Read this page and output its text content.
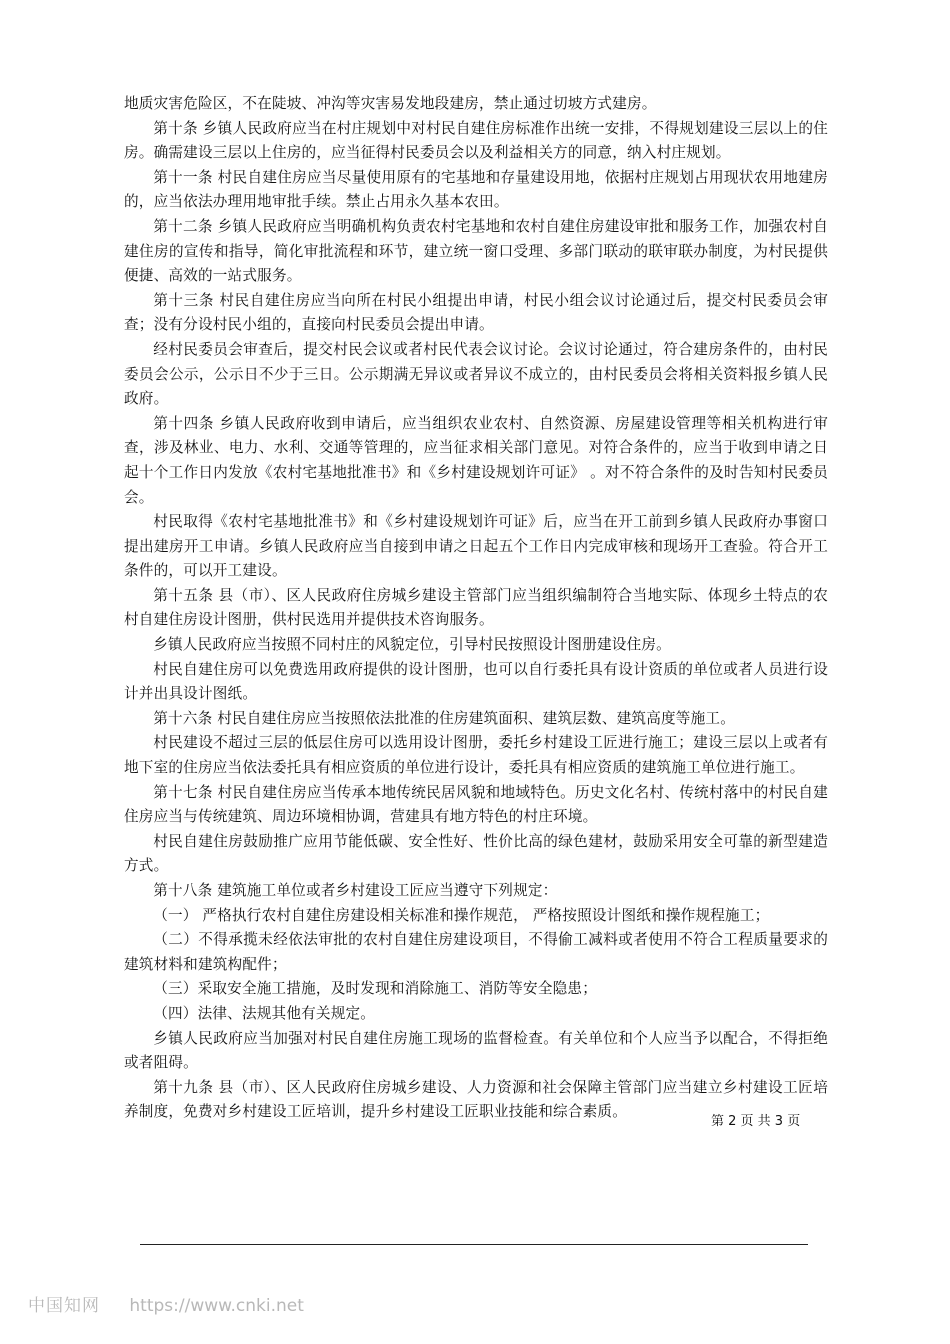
地质灾害危险区，不在陡坡、冲沟等灾害易发地段建房，禁止通过切坡方式建房。

第十条 乡镇人民政府应当在村庄规划中对村民自建住房标准作出统一安排，不得规划建设三层以上的住房。确需建设三层以上住房的，应当征得村民委员会以及利益相关方的同意，纳入村庄规划。

第十一条 村民自建住房应当尽量使用原有的宅基地和存量建设用地，依据村庄规划占用现状农用地建房的，应当依法办理用地审批手续。禁止占用永久基本农田。

第十二条 乡镇人民政府应当明确机构负责农村宅基地和农村自建住房建设审批和服务工作，加强农村自建住房的宣传和指导，简化审批流程和环节，建立统一窗口受理、多部门联动的联审联办制度，为村民提供便捷、高效的一站式服务。

第十三条 村民自建住房应当向所在村民小组提出申请，村民小组会议讨论通过后，提交村民委员会审查；没有分设村民小组的，直接向村民委员会提出申请。

经村民委员会审查后，提交村民会议或者村民代表会议讨论。会议讨论通过，符合建房条件的，由村民委员会公示，公示日不少于三日。公示期满无异议或者异议不成立的，由村民委员会将相关资料报乡镇人民政府。

第十四条 乡镇人民政府收到申请后，应当组织农业农村、自然资源、房屋建设管理等相关机构进行审查，涉及林业、电力、水利、交通等管理的，应当征求相关部门意见。对符合条件的，应当于收到申请之日起十个工作日内发放《农村宅基地批准书》和《乡村建设规划许可证》 。对不符合条件的及时告知村民委员会。

村民取得《农村宅基地批准书》和《乡村建设规划许可证》后，应当在开工前到乡镇人民政府办事窗口提出建房开工申请。乡镇人民政府应当自接到申请之日起五个工作日内完成审核和现场开工查验。符合开工条件的，可以开工建设。

第十五条 县（市）、区人民政府住房城乡建设主管部门应当组织编制符合当地实际、体现乡土特点的农村自建住房设计图册，供村民选用并提供技术咨询服务。

乡镇人民政府应当按照不同村庄的风貌定位，引导村民按照设计图册建设住房。

村民自建住房可以免费选用政府提供的设计图册，也可以自行委托具有设计资质的单位或者人员进行设计并出具设计图纸。

第十六条 村民自建住房应当按照依法批准的住房建筑面积、建筑层数、建筑高度等施工。

村民建设不超过三层的低层住房可以选用设计图册，委托乡村建设工匠进行施工；建设三层以上或者有地下室的住房应当依法委托具有相应资质的单位进行设计，委托具有相应资质的建筑施工单位进行施工。

第十七条 村民自建住房应当传承本地传统民居风貌和地域特色。历史文化名村、传统村落中的村民自建住房应当与传统建筑、周边环境相协调，营建具有地方特色的村庄环境。

村民自建住房鼓励推广应用节能低碳、安全性好、性价比高的绿色建材，鼓励采用安全可靠的新型建造方式。

第十八条 建筑施工单位或者乡村建设工匠应当遵守下列规定：

（一） 严格执行农村自建住房建设相关标准和操作规范， 严格按照设计图纸和操作规程施工；

（二）不得承揽未经依法审批的农村自建住房建设项目，不得偷工减料或者使用不符合工程质量要求的建筑材料和建筑构配件；

（三）采取安全施工措施，及时发现和消除施工、消防等安全隐患；

（四）法律、法规其他有关规定。

乡镇人民政府应当加强对村民自建住房施工现场的监督检查。有关单位和个人应当予以配合，不得拒绝或者阻碍。

第十九条 县（市）、区人民政府住房城乡建设、人力资源和社会保障主管部门应当建立乡村建设工匠培养制度，免费对乡村建设工匠培训，提升乡村建设工匠职业技能和综合素质。

第 2 页 共 3 页
中国知网 https://www.cnki.net
